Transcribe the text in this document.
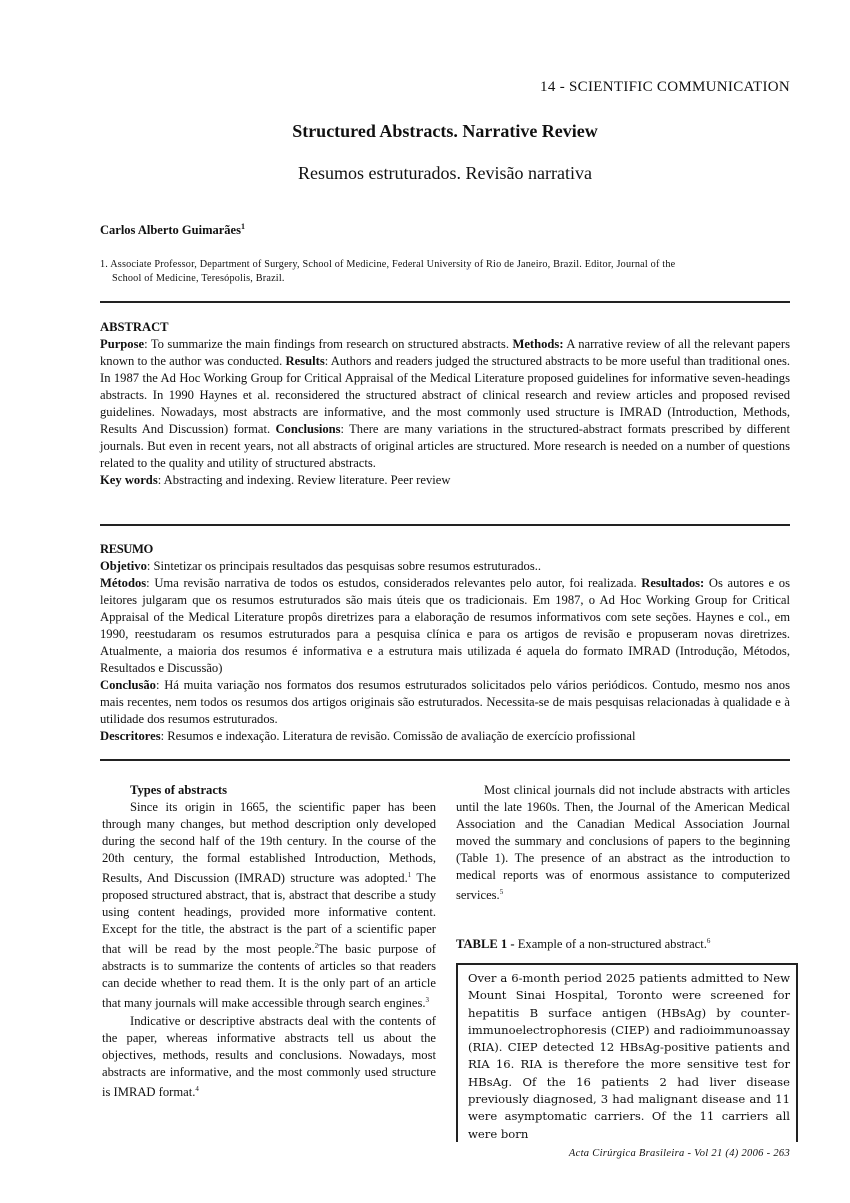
14 - SCIENTIFIC COMMUNICATION
Structured Abstracts. Narrative Review
Resumos estruturados. Revisão narrativa
Carlos Alberto Guimarães$^1$
1. Associate Professor, Department of Surgery, School of Medicine, Federal University of Rio de Janeiro, Brazil. Editor, Journal of the
School of Medicine, Teresópolis, Brazil.

ABSTRACT

Purpose: To summarize the main findings from research on structured abstracts. Methods: A narrative review of all the relevant papers known to the author was conducted. Results: Authors and readers judged the structured abstracts to be more useful than traditional ones. In 1987 the Ad Hoc Working Group for Critical Appraisal of the Medical Literature proposed guidelines for informative seven-headings abstracts. In 1990 Haynes et al. reconsidered the structured abstract of clinical research and review articles and proposed revised guidelines. Nowadays, most abstracts are informative, and the most commonly used structure is IMRAD (Introduction, Methods, Results And Discussion) format. Conclusions: There are many variations in the structured-abstract formats prescribed by different journals. But even in recent years, not all abstracts of original articles are structured. More research is needed on a number of questions related to the quality and utility of structured abstracts.

Key words: Abstracting and indexing. Review literature. Peer review

RESUMO

Objetivo: Sintetizar os principais resultados das pesquisas sobre resumos estruturados..

Métodos: Uma revisão narrativa de todos os estudos, considerados relevantes pelo autor, foi realizada. Resultados: Os autores e os leitores julgaram que os resumos estruturados são mais úteis que os tradicionais. Em 1987, o Ad Hoc Working Group for Critical Appraisal of the Medical Literature propôs diretrizes para a elaboração de resumos informativos com sete seções. Haynes e col., em 1990, reestudaram os resumos estruturados para a pesquisa clínica e para os artigos de revisão e propuseram novas diretrizes. Atualmente, a maioria dos resumos é informativa e a estrutura mais utilizada é aquela do formato IMRAD (Introdução, Métodos, Resultados e Discussão)

Conclusão: Há muita variação nos formatos dos resumos estruturados solicitados pelo vários periódicos. Contudo, mesmo nos anos mais recentes, nem todos os resumos dos artigos originais são estruturados. Necessita-se de mais pesquisas relacionadas à qualidade e à utilidade dos resumos estruturados.

Descritores: Resumos e indexação. Literatura de revisão. Comissão de avaliação de exercício profissional

Types of abstracts

Since its origin in 1665, the scientific paper has been through many changes, but method description only developed during the second half of the 19th century. In the course of the 20th century, the formal established Introduction, Methods, Results, And Discussion (IMRAD) structure was adopted.$^1$ The proposed structured abstract, that is, abstract that describe a study using content headings, provided more informative content. Except for the title, the abstract is the part of a scientific paper that will be read by the most people.$^2$The basic purpose of abstracts is to summarize the contents of articles so that readers can decide whether to read them. It is the only part of an article that many journals will make accessible through search engines.$^3$

Indicative or descriptive abstracts deal with the contents of the paper, whereas informative abstracts tell us about the objectives, methods, results and conclusions. Nowadays, most abstracts are informative, and the most commonly used structure is IMRAD format.$^4$

Most clinical journals did not include abstracts with articles until the late 1960s. Then, the Journal of the American Medical Association and the Canadian Medical Association Journal moved the summary and conclusions of papers to the beginning (Table 1). The presence of an abstract as the introduction to medical reports was of enormous assistance to computerized services.$^5$

TABLE 1 - Example of a non-structured abstract.$^6$
Over a 6-month period 2025 patients admitted to New Mount Sinai Hospital, Toronto were screened for hepatitis B surface antigen (HBsAg) by counter-immunoelectrophoresis (CIEP) and radioimmunoassay (RIA). CIEP detected 12 HBsAg-positive patients and RIA 16. RIA is therefore the more sensitive test for HBsAg. Of the 16 patients 2 had liver disease previously diagnosed, 3 had malignant disease and 11 were asymptomatic carriers. Of the 11 carriers all were born
Acta Cirúrgica Brasileira - Vol 21 (4) 2006 - 263
